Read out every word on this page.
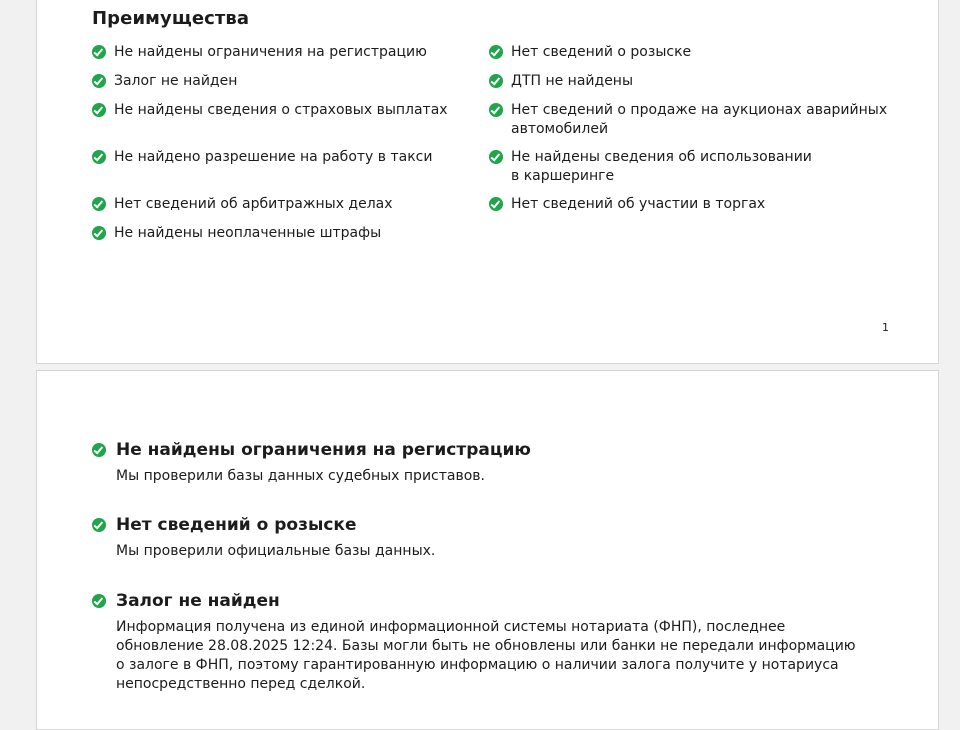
Преимущества
Не найдены ограничения на регистрацию
Залог не найден
Не найдены сведения о страховых выплатах
Не найдено разрешение на работу в такси
Нет сведений об арбитражных делах
Не найдены неоплаченные штрафы
Нет сведений о розыске
ДТП не найдены
Нет сведений о продаже на аукционах аварийных автомобилей
Не найдены сведения об использовании в каршеринге
Нет сведений об участии в торгах
1
Не найдены ограничения на регистрацию

Мы проверили базы данных судебных приставов.

Нет сведений о розыске

Мы проверили официальные базы данных.

Залог не найден

Информация получена из единой информационной системы нотариата (ФНП), последнее обновление 28.08.2025 12:24. Базы могли быть не обновлены или банки не передали информацию о залоге в ФНП, поэтому гарантированную информацию о наличии залога получите у нотариуса непосредственно перед сделкой.
